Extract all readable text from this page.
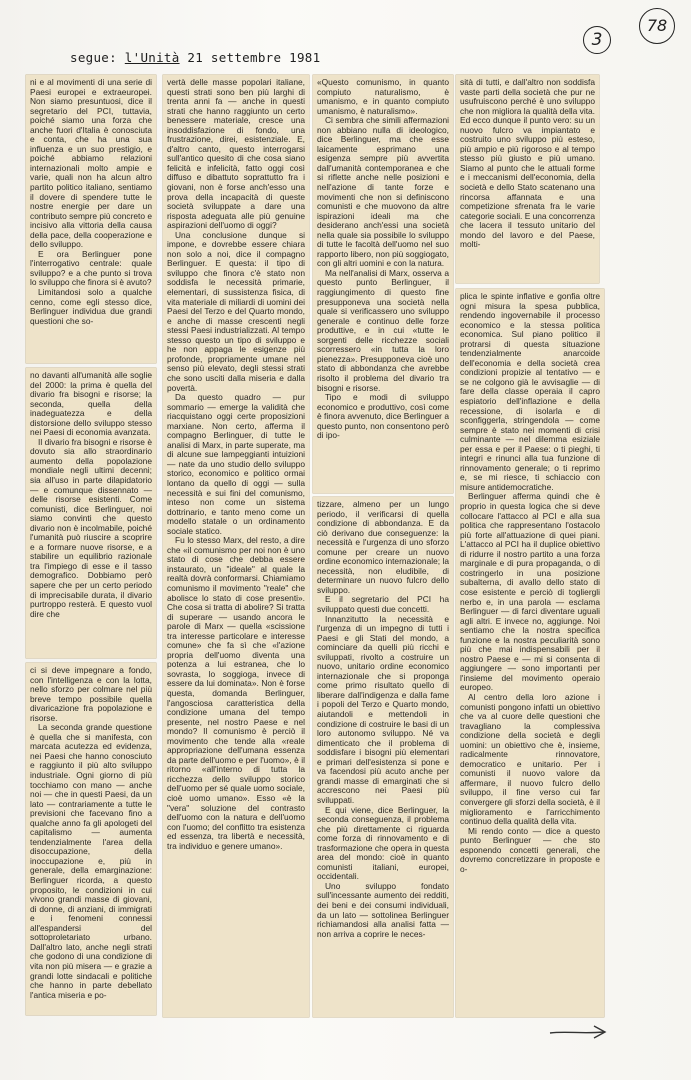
segue: l'Unità 21 settembre 1981
3
78

ni e al movimenti di una serie di Paesi europei e extraeuropei. Non siamo presuntuosi, dice il segretario del PCI, tuttavia, poiché siamo una forza che anche fuori d'Italia è conosciuta e conta, che ha una sua influenza e un suo prestigio, e poiché abbiamo relazioni internazionali molto ampie e varie, quali non ha alcun altro partito politico italiano, sentiamo il dovere di spendere tutte le nostre energie per dare un contributo sempre più concreto e incisivo alla vittoria della causa della pace, della cooperazione e dello sviluppo.

E ora Berlinguer pone l'interrogativo centrale: quale sviluppo? e a che punto si trova lo sviluppo che finora si è avuto?

Limitandosi solo a qualche cenno, come egli stesso dice, Berlinguer individua due grandi questioni che so-

no davanti all'umanità alle soglie del 2000: la prima è quella del divario fra bisogni e risorse; la seconda, quella della inadeguatezza e della distorsione dello sviluppo stesso nei Paesi di economia avanzata.

Il divario fra bisogni e risorse è dovuto sia allo straordinario aumento della popolazione mondiale negli ultimi decenni; sia all'uso in parte dilapidatorio — e comunque dissennato — delle risorse esistenti. Come comunisti, dice Berlinguer, noi siamo convinti che questo divario non è incolmabile, poiché l'umanità può riuscire a scoprire e a formare nuove risorse, e a stabilire un equilibrio razionale tra l'impiego di esse e il tasso demografico. Dobbiamo però sapere che per un certo periodo di imprecisabile durata, il divario purtroppo resterà. E questo vuol dire che

ci si deve impegnare a fondo, con l'intelligenza e con la lotta, nello sforzo per colmare nel più breve tempo possibile quella divaricazione fra popolazione e risorse.

La seconda grande questione è quella che si manifesta, con marcata acutezza ed evidenza, nei Paesi che hanno conosciuto e raggiunto il più alto sviluppo industriale. Ogni giorno di più tocchiamo con mano — anche noi — che in questi Paesi, da un lato — contrariamente a tutte le previsioni che facevano fino a qualche anno fa gli apologeti del capitalismo — aumenta tendenzialmente l'area della disoccupazione, della inoccupazione e, più in generale, della emarginazione: Berlinguer ricorda, a questo proposito, le condizioni in cui vivono grandi masse di giovani, di donne, di anziani, di immigrati e i fenomeni connessi all'espandersi del sottoproletariato urbano. Dall'altro lato, anche negli strati che godono di una condizione di vita non più misera — e grazie a grandi lotte sindacali e politiche che hanno in parte debellato l'antica miseria e po-

vertà delle masse popolari italiane, questi strati sono ben più larghi di trenta anni fa — anche in questi strati che hanno raggiunto un certo benessere materiale, cresce una insoddisfazione di fondo, una frustrazione, direi, esistenziale. E, d'altro canto, questo interrogarsi sull'antico quesito di che cosa siano felicità e infelicità, fatto oggi così diffuso e dibattuto soprattutto fra i giovani, non è forse anch'esso una prova della incapacità di queste società sviluppate a dare una risposta adeguata alle più genuine aspirazioni dell'uomo di oggi?

Una conclusione dunque si impone, e dovrebbe essere chiara non solo a noi, dice il compagno Berlinguer. E questa: il tipo di sviluppo che finora c'è stato non soddisfa le necessità primarie, elementari, di sussistenza fisica, di vita materiale di miliardi di uomini dei Paesi del Terzo e del Quarto mondo, e anche di masse crescenti negli stessi Paesi industrializzati. Al tempo stesso questo un tipo di sviluppo e he non appaga le esigenze più profonde, propriamente umane nel senso più elevato, degli stessi strati che sono usciti dalla miseria e dalla povertà.

Da questo quadro — pur sommario — emerge la validità che riacquistano oggi certe proposizioni marxiane. Non certo, afferma il compagno Berlinguer, di tutte le analisi di Marx, in parte superate, ma di alcune sue lampeggianti intuizioni — nate da uno studio dello sviluppo storico, economico e politico ormai lontano da quello di oggi — sulla necessità e sui fini del comunismo, inteso non come un sistema dottrinario, e tanto meno come un modello statale o un ordinamento sociale statico.

Fu lo stesso Marx, del resto, a dire che «il comunismo per noi non è uno stato di cose che debba essere instaurato, un "ideale" al quale la realtà dovrà conformarsi. Chiamiamo comunismo il movimento "reale" che abolisce lo stato di cose presenti». Che cosa si tratta di abolire? Si tratta di superare — usando ancora le parole di Marx — quella «scissione tra interesse particolare e interesse comune» che fa sì che «l'azione propria dell'uomo diventa una potenza a lui estranea, che lo sovrasta, lo soggioga, invece di essere da lui dominata». Non è forse questa, domanda Berlinguer, l'angosciosa caratteristica della condizione umana del tempo presente, nel nostro Paese e nel mondo? Il comunismo è perciò il movimento che tende alla «reale appropriazione dell'umana essenza da parte dell'uomo e per l'uomo», è il ritorno «all'interno di tutta la ricchezza dello sviluppo storico dell'uomo per sé quale uomo sociale, cioè uomo umano». Esso «è la "vera" soluzione del contrasto dell'uomo con la natura e dell'uomo con l'uomo; del conflitto tra esistenza ed essenza, tra libertà e necessità, tra individuo e genere umano».

«Questo comunismo, in quanto compiuto naturalismo, è umanismo, e in quanto compiuto umanismo, è naturalismo».

Ci sembra che simili affermazioni non abbiano nulla di ideologico, dice Berlinguer, ma che esse laicamente esprimano una esigenza sempre più avvertita dall'umanità contemporanea e che si riflette anche nelle posizioni e nell'azione di tante forze e movimenti che non si definiscono comunisti e che muovono da altre ispirazioni ideali ma che desiderano anch'essi una società nella quale sia possibile lo sviluppo di tutte le facoltà dell'uomo nel suo rapporto libero, non più soggiogato, con gli altri uomini e con la natura.

Ma nell'analisi di Marx, osserva a questo punto Berlinguer, il raggiungimento di questo fine presupponeva una società nella quale si verificassero uno sviluppo generale e continuo delle forze produttive, e in cui «tutte le sorgenti delle ricchezze sociali scorressero «in tutta la loro pienezza». Presupponeva cioè uno stato di abbondanza che avrebbe risolto il problema del divario tra bisogni e risorse.

Tipo e modi di sviluppo economico e produttivo, così come è finora avvenuto, dice Berlinguer a questo punto, non consentono però di ipo-

tizzare, almeno per un lungo periodo, il verificarsi di quella condizione di abbondanza. E da ciò derivano due conseguenze: la necessità e l'urgenza di uno sforzo comune per creare un nuovo ordine economico internazionale; la necessità, non eludibile, di determinare un nuovo fulcro dello sviluppo.

E il segretario del PCI ha sviluppato questi due concetti.

Innanzitutto la necessità e l'urgenza di un impegno di tutti i Paesi e gli Stati del mondo, a cominciare da quelli più ricchi e sviluppati, rivolto a costruire un nuovo, unitario ordine economico internazionale che si proponga come primo risultato quello di liberare dall'indigenza e dalla fame i popoli del Terzo e Quarto mondo, aiutandoli e mettendoli in condizione di costruire le basi di un loro autonomo sviluppo. Né va dimenticato che il problema di soddisfare i bisogni più elementari e primari dell'esistenza si pone e va facendosi più acuto anche per grandi masse di emarginati che si accrescono nei Paesi più sviluppati.

E qui viene, dice Berlinguer, la seconda conseguenza, il problema che più direttamente ci riguarda come forza di rinnovamento e di trasformazione che opera in questa area del mondo: cioè in quanto comunisti italiani, europei, occidentali.

Uno sviluppo fondato sull'incessante aumento dei redditi, dei beni e dei consumi individuali, da un lato — sottolinea Berlinguer richiamandosi alla analisi fatta — non arriva a coprire le neces-

sità di tutti, e dall'altro non soddisfa vaste parti della società che pur ne usufruiscono perché è uno sviluppo che non migliora la qualità della vita. Ed ecco dunque il punto vero: su un nuovo fulcro va impiantato e costruito uno sviluppo più esteso, più ampio e più rigoroso e al tempo stesso più giusto e più umano. Siamo al punto che le attuali forme e i meccanismi dell'economia, della società e dello Stato scatenano una rincorsa affannata e una competizione sfrenata fra le varie categorie sociali. E una concorrenza che lacera il tessuto unitario del mondo del lavoro e del Paese, molti-

plica le spinte inflative e gonfia oltre ogni misura la spesa pubblica, rendendo ingovernabile il processo economico e la stessa politica economica. Sul piano politico il protrarsi di questa situazione tendenzialmente anarcoide dell'economia e della società crea condizioni propizie al tentativo — e se ne colgono già le avvisaglie — di fare della classe operaia il capro espiatorio dell'inflazione e della recessione, di isolarla e di sconfiggerla, stringendola — come sempre è stato nei momenti di crisi culminante — nel dilemma esiziale per essa e per il Paese: o ti pieghi, ti integri e rinunci alla tua funzione di rinnovamento generale; o ti reprimo e, se mi riesce, ti schiaccio con misure antidemocratiche.

Berlinguer afferma quindi che è proprio in questa logica che si deve collocare l'attacco al PCI e alla sua politica che rappresentano l'ostacolo più forte all'attuazione di quei piani. L'attacco al PCI ha il duplice obiettivo di ridurre il nostro partito a una forza marginale e di pura propaganda, o di costringerlo in una posizione subalterna, di avallo dello stato di cose esistente e perciò di togliergli nerbo e, in una parola — esclama Berlinguer — di farci diventare uguali agli altri. E invece no, aggiunge. Noi sentiamo che la nostra specifica funzione e la nostra peculiarità sono più che mai indispensabili per il nostro Paese e — mi si consenta di aggiungere — sono importanti per l'insieme del movimento operaio europeo.

Al centro della loro azione i comunisti pongono infatti un obiettivo che va al cuore delle questioni che travagliano la complessiva condizione della società e degli uomini: un obiettivo che è, insieme, radicalmente rinnovatore, democratico e unitario. Per i comunisti il nuovo valore da affermare, il nuovo fulcro dello sviluppo, il fine verso cui far convergere gli sforzi della società, è il miglioramento e l'arricchimento continuo della qualità della vita.

Mi rendo conto — dice a questo punto Berlinguer — che sto esponendo concetti generali, che dovremo concretizzare in proposte e o-
